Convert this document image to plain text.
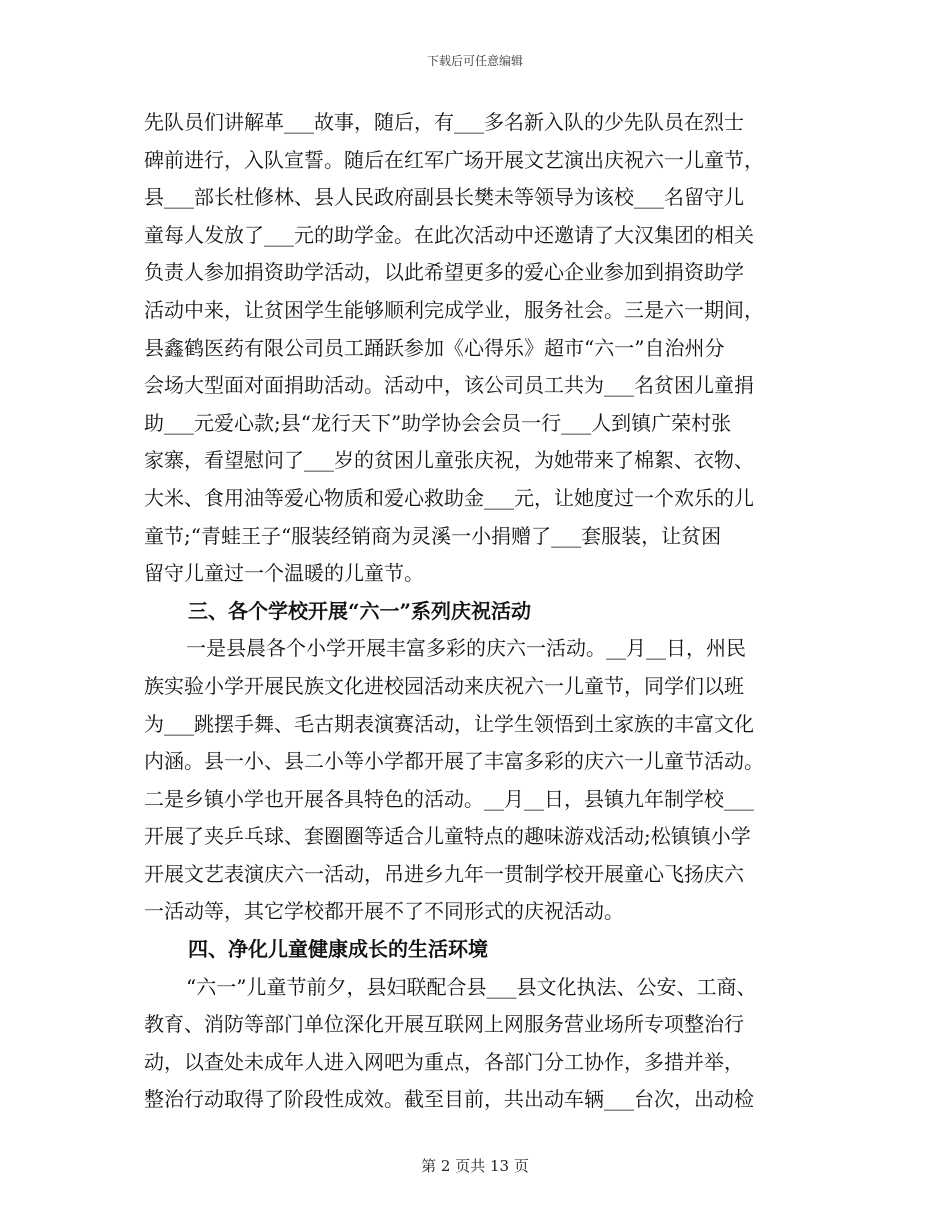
下载后可任意编辑
先队员们讲解革___故事，随后，有___多名新入队的少先队员在烈士
碑前进行，入队宣誓。随后在红军广场开展文艺演出庆祝六一儿童节，
县___部长杜修林、县人民政府副县长樊未等领导为该校___名留守儿
童每人发放了___元的助学金。在此次活动中还邀请了大汉集团的相关
负责人参加捐资助学活动，以此希望更多的爱心企业参加到捐资助学
活动中来，让贫困学生能够顺利完成学业，服务社会。三是六一期间，
县鑫鹤医药有限公司员工踊跃参加《心得乐》超市“六一”自治州分
会场大型面对面捐助活动。活动中，该公司员工共为___名贫困儿童捐
助___元爱心款;县“龙行天下”助学协会会员一行___人到镇广荣村张
家寨，看望慰问了___岁的贫困儿童张庆祝，为她带来了棉絮、衣物、
大米、食用油等爱心物质和爱心救助金___元，让她度过一个欢乐的儿
童节;“青蛙王子“服装经销商为灵溪一小捐赠了___套服装，让贫困
留守儿童过一个温暖的儿童节。
三、各个学校开展“六一”系列庆祝活动
一是县晨各个小学开展丰富多彩的庆六一活动。__月__日，州民
族实验小学开展民族文化进校园活动来庆祝六一儿童节，同学们以班
为___跳摆手舞、毛古期表演赛活动，让学生领悟到土家族的丰富文化
内涵。县一小、县二小等小学都开展了丰富多彩的庆六一儿童节活动。
二是乡镇小学也开展各具特色的活动。__月__日，县镇九年制学校___
开展了夹乒乓球、套圈圈等适合儿童特点的趣味游戏活动;松镇镇小学
开展文艺表演庆六一活动，吊进乡九年一贯制学校开展童心飞扬庆六
一活动等，其它学校都开展不了不同形式的庆祝活动。
四、净化儿童健康成长的生活环境
“六一”儿童节前夕，县妇联配合县___县文化执法、公安、工商、
教育、消防等部门单位深化开展互联网上网服务营业场所专项整治行
动，以查处未成年人进入网吧为重点，各部门分工协作，多措并举，
整治行动取得了阶段性成效。截至目前，共出动车辆___台次，出动检
第 2 页共 13 页
